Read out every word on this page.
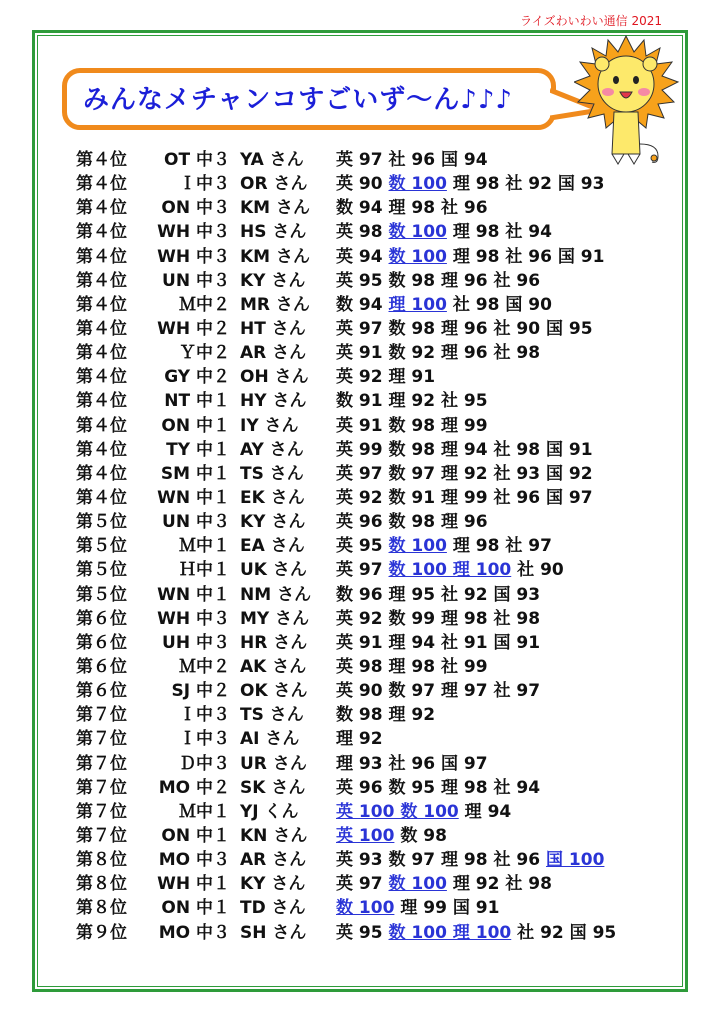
ライズわいわい通信 2021
みんなメチャンコすごいず〜ん♪♪♪
第４位	OT 中３ YA さん 英 97 社 96 国 94
第４位	Ｉ中３ OR さん 英 90 数 100 理 98 社 92 国 93
第４位	ON 中３ KM さん 数 94 理 98 社 96
第４位 WH 中３ HS さん 英 98 数 100 理 98 社 94
第４位 WH 中３ KM さん 英 94 数 100 理 98 社 96 国 91
第４位	UN 中３ KY さん 英 95 数 98 理 96 社 96
第４位	Ｍ中２ MR さん 数 94 理 100 社 98 国 90
第４位 WH 中２ HT さん 英 97 数 98 理 96 社 90 国 95
第４位	Ｙ中２ AR さん 英 91 数 92 理 96 社 98
第４位	GY 中２ OH さん 英 92 理 91
第４位	NT 中１ HY さん 数 91 理 92 社 95
第４位	ON 中１ IY さん 英 91 数 98 理 99
第４位	TY 中１ AY さん 英 99 数 98 理 94 社 98 国 91
第４位	SM 中１ TS さん 英 97 数 97 理 92 社 93 国 92
第４位 WN 中１ EK さん 英 92 数 91 理 99 社 96 国 97
第５位	UN 中３ KY さん 英 96 数 98 理 96
第５位	Ｍ中１ EA さん 英 95 数 100 理 98 社 97
第５位	Ｈ中１ UK さん 英 97 数 100 理 100 社 90
第５位 WN 中１ NM さん 数 96 理 95 社 92 国 93
第６位 WH 中３ MY さん 英 92 数 99 理 98 社 98
第６位	UH 中３ HR さん 英 91 理 94 社 91 国 91
第６位	Ｍ中２ AK さん 英 98 理 98 社 99
第６位	SJ 中２ OK さん 英 90 数 97 理 97 社 97
第７位	Ｉ中３ TS さん 数 98 理 92
第７位	Ｉ中３ AI さん 理 92
第７位	Ｄ中３ UR さん 理 93 社 96 国 97
第７位 MO 中２ SK さん 英 96 数 95 理 98 社 94
第７位	Ｍ中１ YJ くん 英 100 数 100 理 94
第７位	ON 中１ KN さん 英 100 数 98
第８位 MO 中３ AR さん 英 93 数 97 理 98 社 96 国 100
第８位 WH 中１ KY さん 英 97 数 100 理 92 社 98
第８位	ON 中１ TD さん 数 100 理 99 国 91
第９位 MO 中３ SH さん 英 95 数 100 理 100 社 92 国 95
